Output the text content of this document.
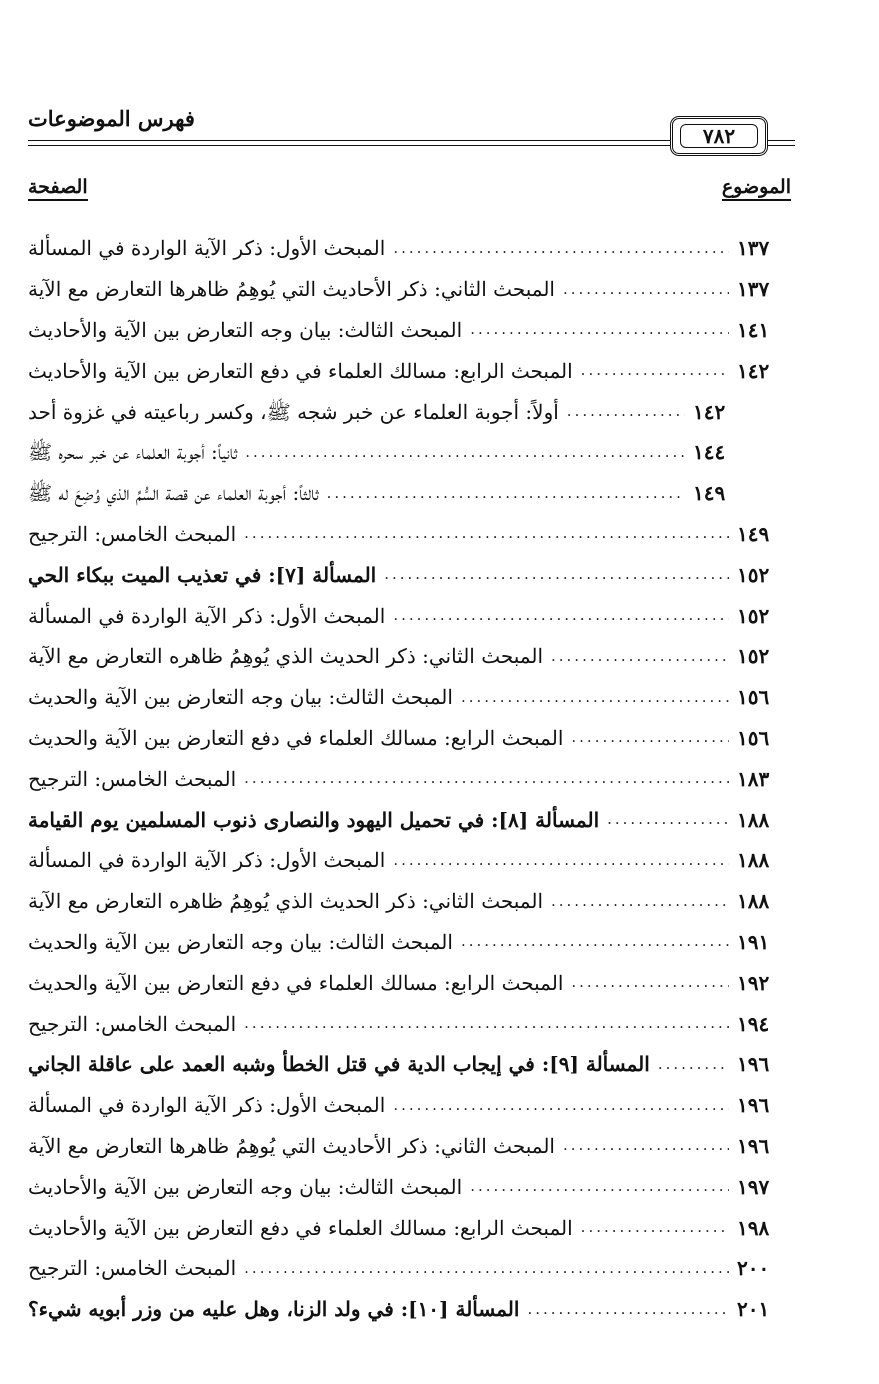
فهرس الموضوعات
٧٨٢
الموضوع
الصفحة
المبحث الأول: ذكر الآية الواردة في المسألة .....	١٣٧
المبحث الثاني: ذكر الأحاديث التي يُوهِمُ ظاهرها التعارض مع الآية .....	١٣٧
المبحث الثالث: بيان وجه التعارض بين الآية والأحاديث .....	١٤١
المبحث الرابع: مسالك العلماء في دفع التعارض بين الآية والأحاديث .....	١٤٢
أولاً: أجوبة العلماء عن خبر شجه ﷺ، وكسر رباعيته في غزوة أحد .....	١٤٢
ثانياً: أجوبة العلماء عن خبر سحره ﷺ .....	١٤٤
ثالثاً: أجوبة العلماء عن قصة السُّمِّ الذي وُضِعَ له ﷺ .....	١٤٩
المبحث الخامس: الترجيح .....	١٤٩
المسألة [٧]: في تعذيب الميت ببكاء الحي .....	١٥٢
المبحث الأول: ذكر الآية الواردة في المسألة .....	١٥٢
المبحث الثاني: ذكر الحديث الذي يُوهِمُ ظاهره التعارض مع الآية .....	١٥٢
المبحث الثالث: بيان وجه التعارض بين الآية والحديث .....	١٥٦
المبحث الرابع: مسالك العلماء في دفع التعارض بين الآية والحديث .....	١٥٦
المبحث الخامس: الترجيح .....	١٨٣
المسألة [٨]: في تحميل اليهود والنصارى ذنوب المسلمين يوم القيامة .....	١٨٨
المبحث الأول: ذكر الآية الواردة في المسألة .....	١٨٨
المبحث الثاني: ذكر الحديث الذي يُوهِمُ ظاهره التعارض مع الآية .....	١٨٨
المبحث الثالث: بيان وجه التعارض بين الآية والحديث .....	١٩١
المبحث الرابع: مسالك العلماء في دفع التعارض بين الآية والحديث .....	١٩٢
المبحث الخامس: الترجيح .....	١٩٤
المسألة [٩]: في إيجاب الدية في قتل الخطأ وشبه العمد على عاقلة الجاني .....	١٩٦
المبحث الأول: ذكر الآية الواردة في المسألة .....	١٩٦
المبحث الثاني: ذكر الأحاديث التي يُوهِمُ ظاهرها التعارض مع الآية .....	١٩٦
المبحث الثالث: بيان وجه التعارض بين الآية والأحاديث .....	١٩٧
المبحث الرابع: مسالك العلماء في دفع التعارض بين الآية والأحاديث .....	١٩٨
المبحث الخامس: الترجيح .....	٢٠٠
المسألة [١٠]: في ولد الزنا، وهل عليه من وزر أبويه شيء؟ .....	٢٠١
